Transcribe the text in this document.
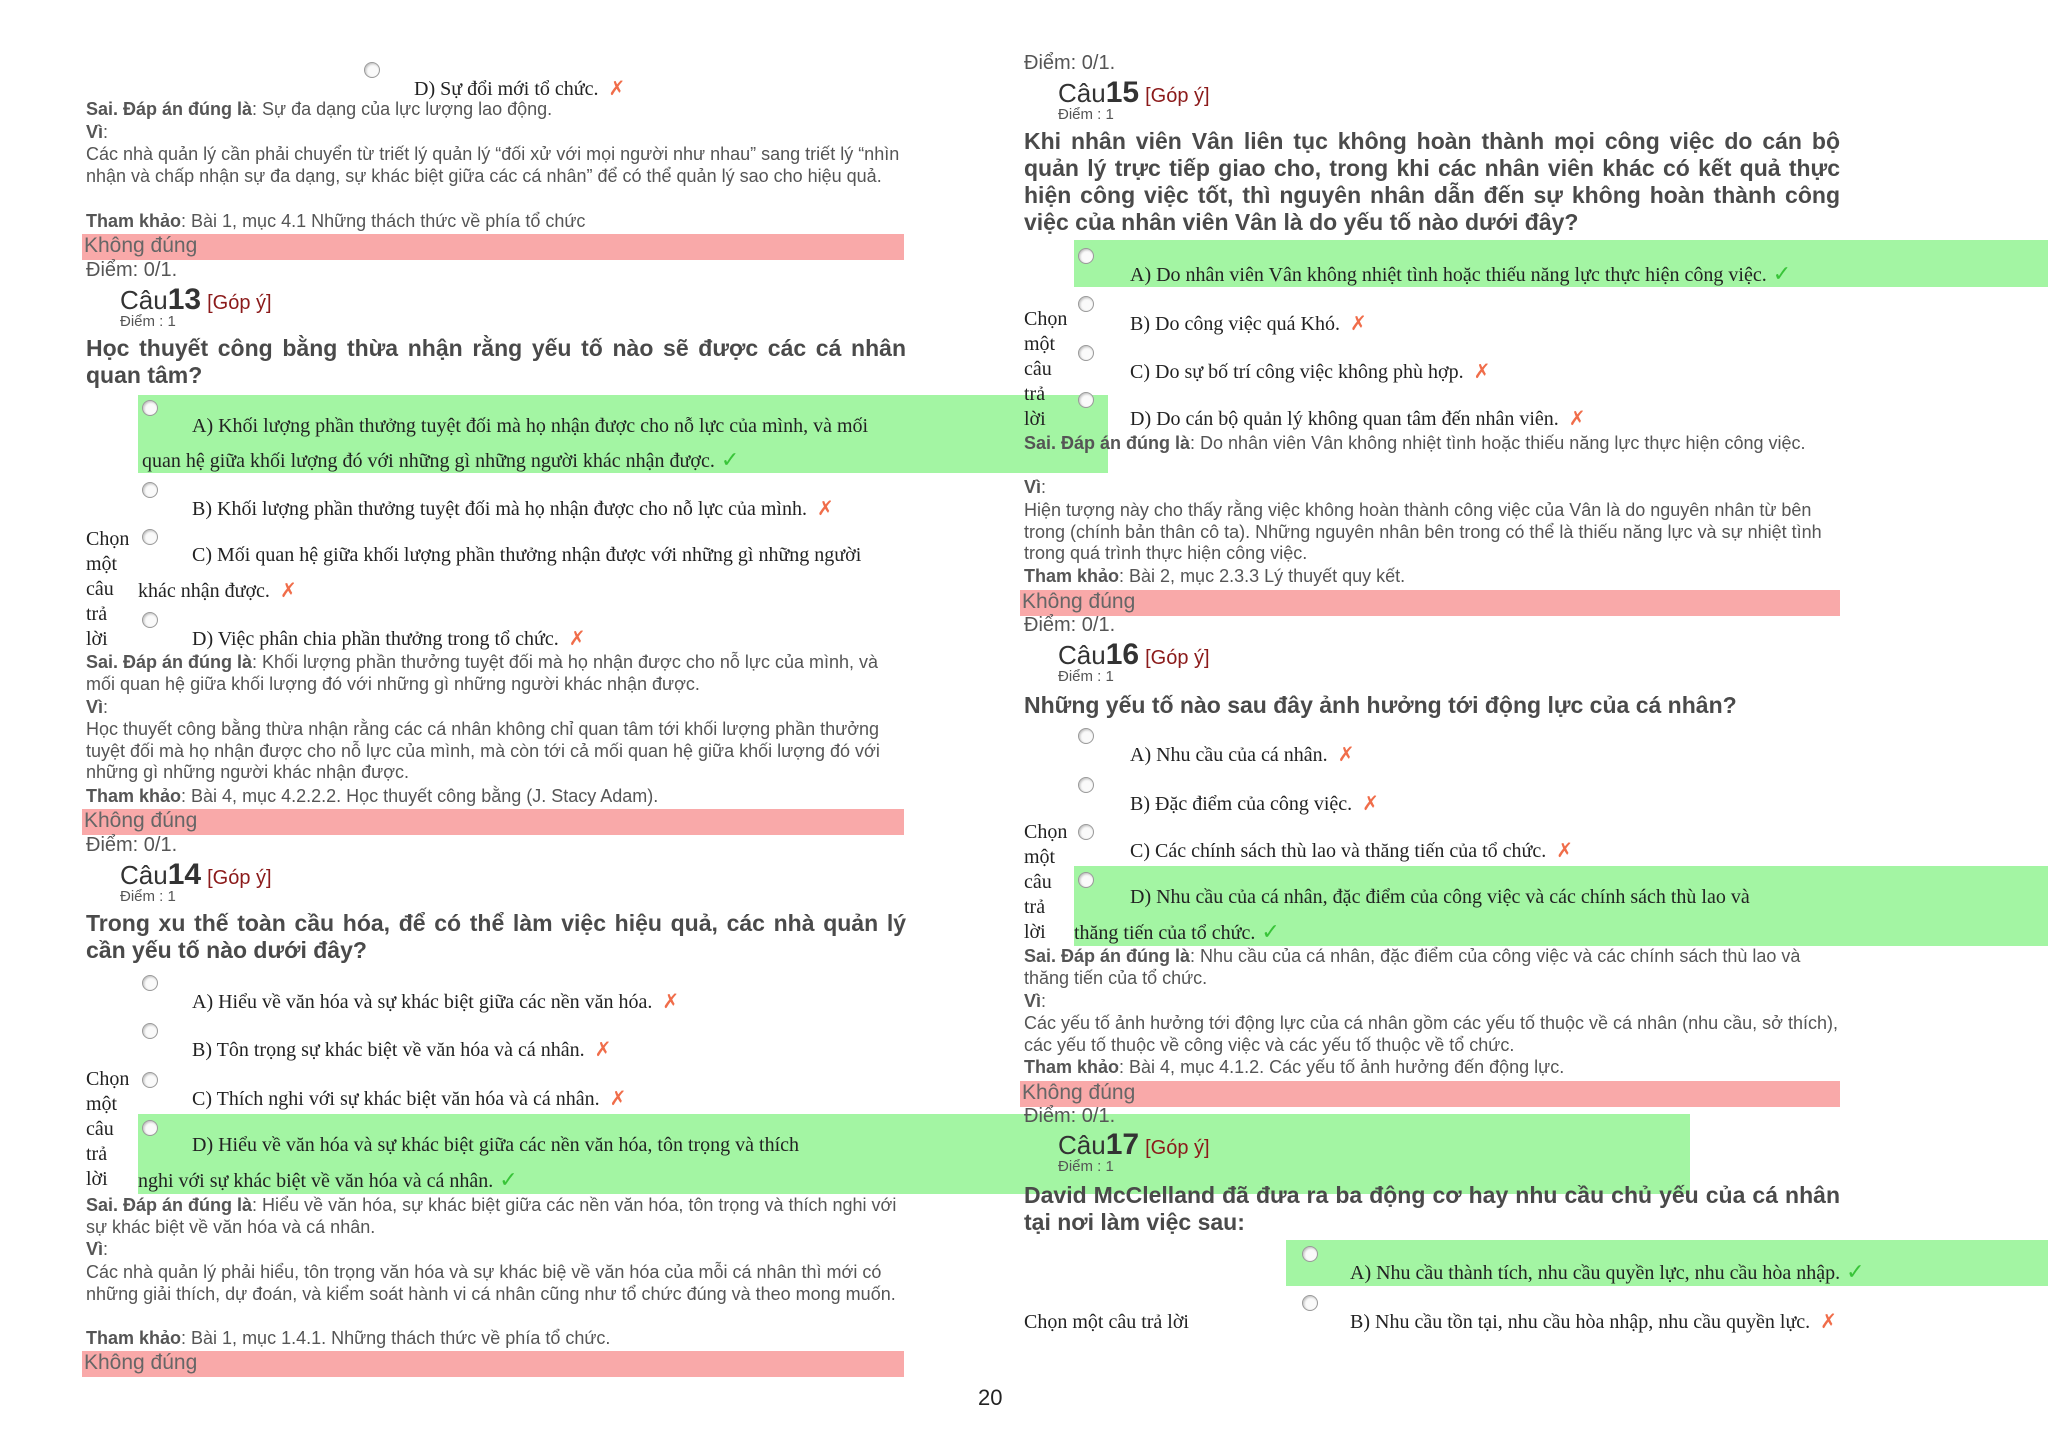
D) Sự đổi mới tổ chức. ✗
Sai. Đáp án đúng là: Sự đa dạng của lực lượng lao động.
Vì:
Các nhà quản lý cần phải chuyển từ triết lý quản lý “đối xử với mọi người như nhau” sang triết lý “nhìn nhận và chấp nhận sự đa dạng, sự khác biệt giữa các cá nhân” để có thể quản lý sao cho hiệu quả.
Tham khảo: Bài 1, mục 4.1 Những thách thức về phía tổ chức
Không đúng
Điểm: 0/1.
Câu13 [Góp ý]
Điểm : 1
Học thuyết công bằng thừa nhận rằng yếu tố nào sẽ được các cá nhân quan tâm?
A) Khối lượng phần thưởng tuyệt đối mà họ nhận được cho nỗ lực của mình, và mối
quan hệ giữa khối lượng đó với những gì những người khác nhận được. ✓
B) Khối lượng phần thưởng tuyệt đối mà họ nhận được cho nỗ lực của mình. ✗
Chọn
một
câu
trả
lời
C) Mối quan hệ giữa khối lượng phần thưởng nhận được với những gì những người
khác nhận được. ✗
D) Việc phân chia phần thưởng trong tổ chức. ✗
Sai. Đáp án đúng là: Khối lượng phần thưởng tuyệt đối mà họ nhận được cho nỗ lực của mình, và mối quan hệ giữa khối lượng đó với những gì những người khác nhận được.
Vì:
Học thuyết công bằng thừa nhận rằng các cá nhân không chỉ quan tâm tới khối lượng phần thưởng tuyệt đối mà họ nhận được cho nỗ lực của mình, mà còn tới cả mối quan hệ giữa khối lượng đó với những gì những người khác nhận được.
Tham khảo: Bài 4, mục 4.2.2.2. Học thuyết công bằng (J. Stacy Adam).
Không đúng
Điểm: 0/1.
Câu14 [Góp ý]
Điểm : 1
Trong xu thế toàn cầu hóa, để có thể làm việc hiệu quả, các nhà quản lý cần yếu tố nào dưới đây?
A) Hiểu về văn hóa và sự khác biệt giữa các nền văn hóa. ✗
B) Tôn trọng sự khác biệt về văn hóa và cá nhân. ✗
Chọn
một
câu
trả
lời
C) Thích nghi với sự khác biệt văn hóa và cá nhân. ✗
D) Hiểu về văn hóa và sự khác biệt giữa các nền văn hóa, tôn trọng và thích
nghi với sự khác biệt về văn hóa và cá nhân. ✓
Sai. Đáp án đúng là: Hiểu về văn hóa, sự khác biệt giữa các nền văn hóa, tôn trọng và thích nghi với sự khác biệt về văn hóa và cá nhân.
Vì:
Các nhà quản lý phải hiểu, tôn trọng văn hóa và sự khác biệ về văn hóa của mỗi cá nhân thì mới có những giải thích, dự đoán, và kiểm soát hành vi cá nhân cũng như tổ chức đúng và theo mong muốn.
Tham khảo: Bài 1, mục 1.4.1. Những thách thức về phía tổ chức.
Không đúng
Điểm: 0/1.
Câu15 [Góp ý]
Điểm : 1
Khi nhân viên Vân liên tục không hoàn thành mọi công việc do cán bộ quản lý trực tiếp giao cho, trong khi các nhân viên khác có kết quả thực hiện công việc tốt, thì nguyên nhân dẫn đến sự không hoàn thành công việc của nhân viên Vân là do yếu tố nào dưới đây?
A) Do nhân viên Vân không nhiệt tình hoặc thiếu năng lực thực hiện công việc. ✓
Chọn
một
câu
trả
lời
B) Do công việc quá Khó. ✗
C) Do sự bố trí công việc không phù hợp. ✗
D) Do cán bộ quản lý không quan tâm đến nhân viên. ✗
Sai. Đáp án đúng là: Do nhân viên Vân không nhiệt tình hoặc thiếu năng lực thực hiện công việc.
Vì:
Hiện tượng này cho thấy rằng việc không hoàn thành công việc của Vân là do nguyên nhân từ bên trong (chính bản thân cô ta). Những nguyên nhân bên trong có thể là thiếu năng lực và sự nhiệt tình trong quá trình thực hiện công việc.
Tham khảo: Bài 2, mục 2.3.3 Lý thuyết quy kết.
Không đúng
Điểm: 0/1.
Câu16 [Góp ý]
Điểm : 1
Những yếu tố nào sau đây ảnh hưởng tới động lực của cá nhân?
A) Nhu cầu của cá nhân. ✗
B) Đặc điểm của công việc. ✗
Chọn
một
câu
trả
lời
C) Các chính sách thù lao và thăng tiến của tổ chức. ✗
D) Nhu cầu của cá nhân, đặc điểm của công việc và các chính sách thù lao và
thăng tiến của tổ chức. ✓
Sai. Đáp án đúng là: Nhu cầu của cá nhân, đặc điểm của công việc và các chính sách thù lao và thăng tiến của tổ chức.
Vì:
Các yếu tố ảnh hưởng tới động lực của cá nhân gồm các yếu tố thuộc về cá nhân (nhu cầu, sở thích), các yếu tố thuộc về công việc và các yếu tố thuộc về tổ chức.
Tham khảo: Bài 4, mục 4.1.2. Các yếu tố ảnh hưởng đến động lực.
Không đúng
Điểm: 0/1.
Câu17 [Góp ý]
Điểm : 1
David McClelland đã đưa ra ba động cơ hay nhu cầu chủ yếu của cá nhân tại nơi làm việc sau:
A) Nhu cầu thành tích, nhu cầu quyền lực, nhu cầu hòa nhập. ✓
Chọn một câu trả lời	B) Nhu cầu tồn tại, nhu cầu hòa nhập, nhu cầu quyền lực. ✗
20
